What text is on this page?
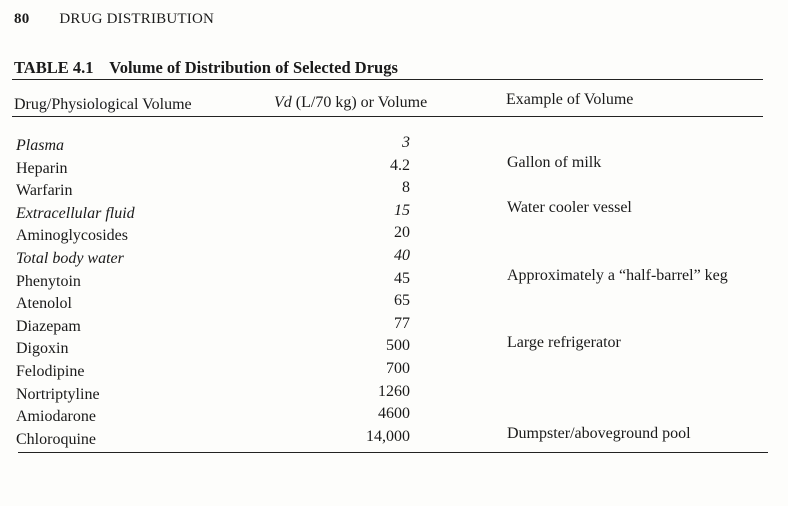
80 DRUG DISTRIBUTION
TABLE 4.1 Volume of Distribution of Selected Drugs
Drug/Physiological Volume	Vd (L/70 kg) or Volume	Example of Volume
Plasma	3
Heparin	4.2	Gallon of milk
Warfarin	8
Extracellular fluid	15	Water cooler vessel
Aminoglycosides	20
Total body water	40
Phenytoin	45	Approximately a “half-barrel” keg
Atenolol	65
Diazepam	77
Digoxin	500	Large refrigerator
Felodipine	700
Nortriptyline	1260
Amiodarone	4600
Chloroquine	14,000	Dumpster/aboveground pool
